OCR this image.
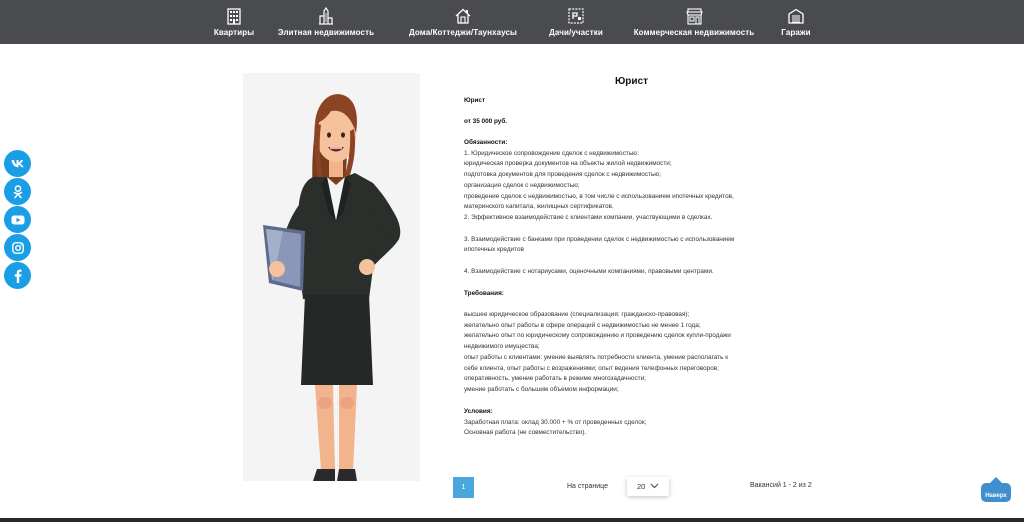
Квартиры	Элитная недвижимость	Дома/Коттеджи/Таунхаусы	Дачи/участки	Коммерческая недвижимость	Гаражи
Юрист
Юрист
от 35 000 руб.
Обязанности:
1. Юридическое сопровождение сделок с недвижимостью:
юридическая проверка документов на объекты жилой недвижимости;
подготовка документов для проведения сделок с недвижимостью;
организация сделок с недвижимостью;
проведение сделок с недвижимостью, в том числе с использованием ипотечных кредитов,
материнского капитала, жилищных сертификатов.
2. Эффективное взаимодействие с клиентами компании, участвующими в сделках.
3. Взаимодействие с банками при проведении сделок с недвижимостью с использованием
ипотечных кредитов
4. Взаимодействие с нотариусами, оценочными компаниями, правовыми центрами.
Требования:
высшее юридическое образование (специализация: гражданско-правовая);
желательно опыт работы в сфере операций с недвижимостью не менее 1 года;
желательно опыт по юридическому сопровождению и проведению сделок купли-продажи
недвижимого имущества;
опыт работы с клиентами: умение выявлять потребности клиента, умение располагать к
себе клиента, опыт работы с возражениями; опыт ведения телефонных переговоров;
оперативность, умение работать в режиме многозадачности;
умение работать с большим объемом информации;
Условия:
Заработная плата: оклад 30.000 + % от проведенных сделок;
Основная работа (не совместительство).
1	На странице	20	Вакансий 1 - 2 из 2
Наверх
